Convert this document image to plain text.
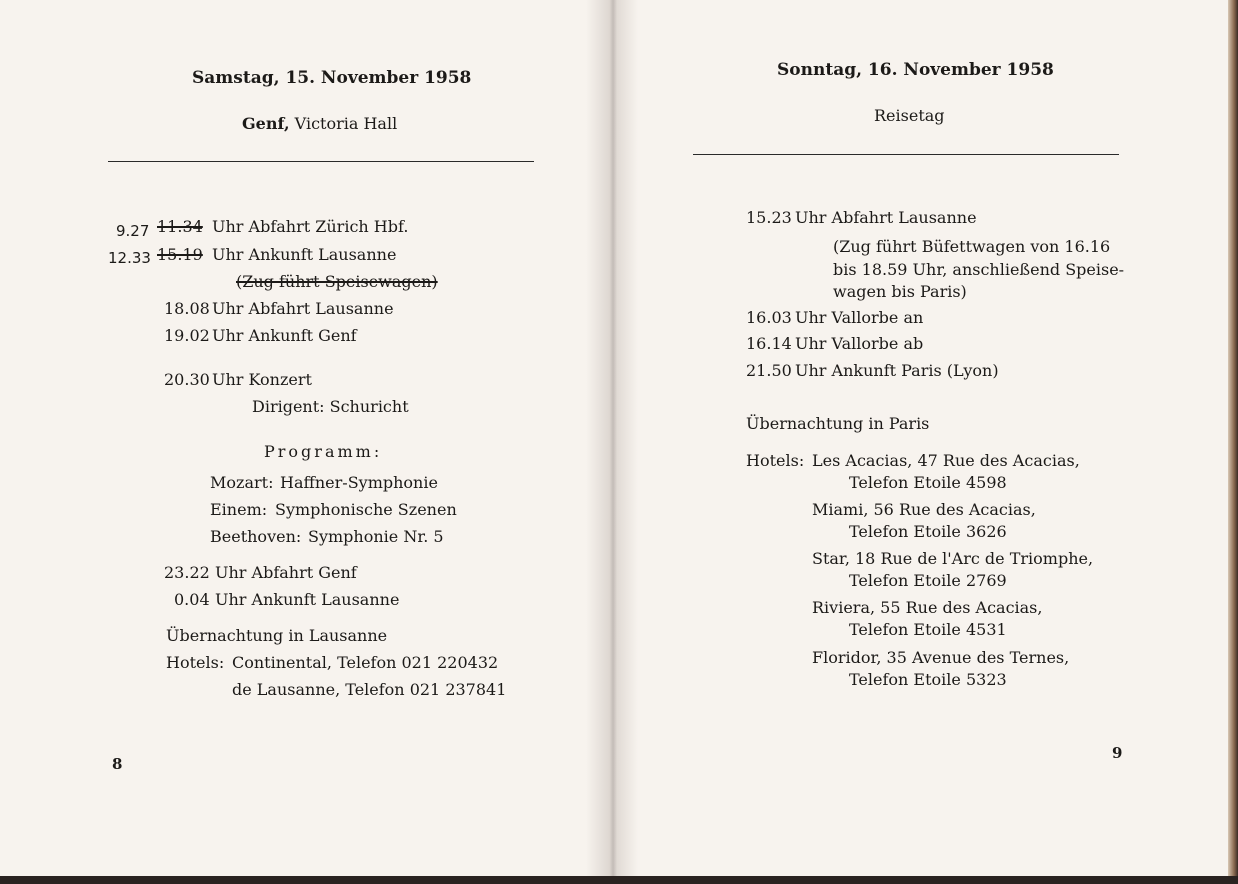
Samstag, 15. November 1958
Genf, Victoria Hall
9.27 11.34 Uhr Abfahrt Zürich Hbf.
12.33 15.19 Uhr Ankunft Lausanne
(Zug führt Speisewagen)
18.08 Uhr Abfahrt Lausanne
19.02 Uhr Ankunft Genf
20.30 Uhr Konzert
Dirigent: Schuricht
Programm:
Mozart: Haffner-Symphonie
Einem: Symphonische Szenen
Beethoven: Symphonie Nr. 5
23.22 Uhr Abfahrt Genf
0.04 Uhr Ankunft Lausanne
Übernachtung in Lausanne
Hotels: Continental, Telefon 021 220432
de Lausanne, Telefon 021 237841
8
Sonntag, 16. November 1958
Reisetag
15.23 Uhr Abfahrt Lausanne
(Zug führt Büfettwagen von 16.16
bis 18.59 Uhr, anschließend Speise-
wagen bis Paris)
16.03 Uhr Vallorbe an
16.14 Uhr Vallorbe ab
21.50 Uhr Ankunft Paris (Lyon)
Übernachtung in Paris
Hotels: Les Acacias, 47 Rue des Acacias,
Telefon Etoile 4598
Miami, 56 Rue des Acacias,
Telefon Etoile 3626
Star, 18 Rue de l'Arc de Triomphe,
Telefon Etoile 2769
Riviera, 55 Rue des Acacias,
Telefon Etoile 4531
Floridor, 35 Avenue des Ternes,
Telefon Etoile 5323
9
